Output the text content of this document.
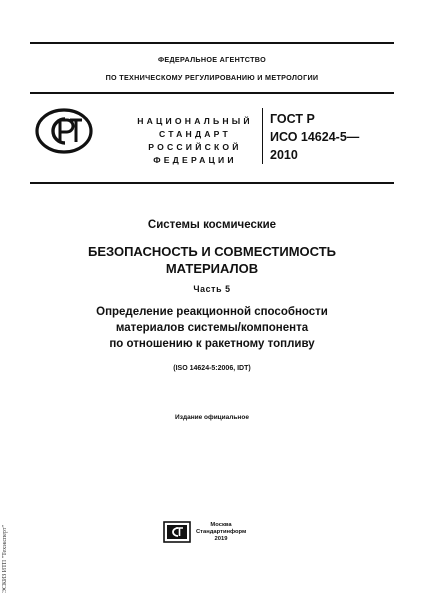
ФЕДЕРАЛЬНОЕ АГЕНТСТВО
ПО ТЕХНИЧЕСКОМУ РЕГУЛИРОВАНИЮ И МЕТРОЛОГИИ
НАЦИОНАЛЬНЫЙ
СТАНДАРТ
РОССИЙСКОЙ
ФЕДЕРАЦИИ
ГОСТ Р
ИСО 14624-5—
2010
Системы космические
БЕЗОПАСНОСТЬ И СОВМЕСТИМОСТЬ
МАТЕРИАЛОВ
Часть 5
Определение реакционной способности
материалов системы/компонента
по отношению к ракетному топливу
(ISO 14624-5:2006, IDT)
Издание официальное
Москва
Стандартинформ
2019
ЭСКИЗ ИТП "Техэксперт"
